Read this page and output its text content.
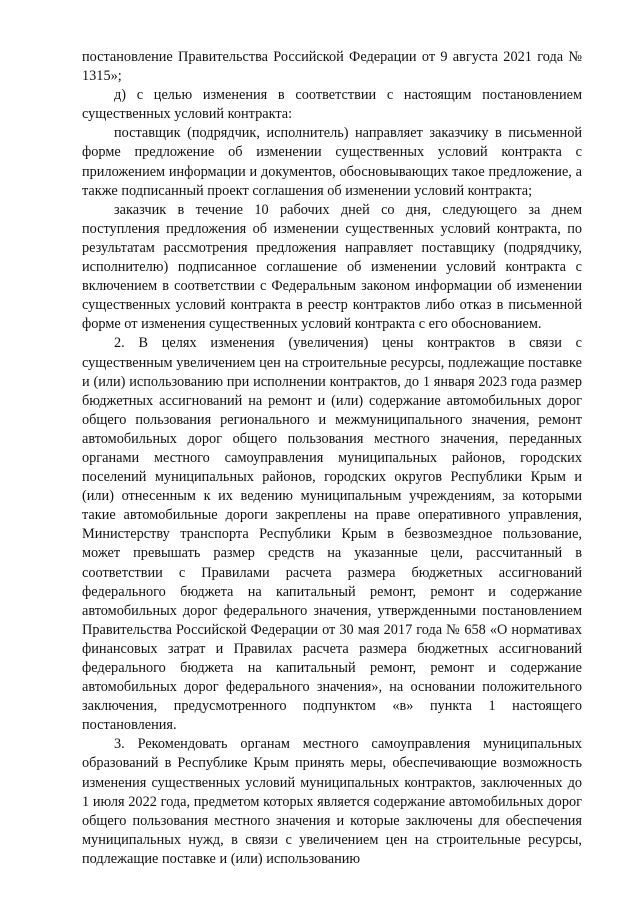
постановление Правительства Российской Федерации от 9 августа 2021 года № 1315»;

д) с целью изменения в соответствии с настоящим постановлением существенных условий контракта:

поставщик (подрядчик, исполнитель) направляет заказчику в письменной форме предложение об изменении существенных условий контракта с приложением информации и документов, обосновывающих такое предложение, а также подписанный проект соглашения об изменении условий контракта;

заказчик в течение 10 рабочих дней со дня, следующего за днем поступления предложения об изменении существенных условий контракта, по результатам рассмотрения предложения направляет поставщику (подрядчику, исполнителю) подписанное соглашение об изменении условий контракта с включением в соответствии с Федеральным законом информации об изменении существенных условий контракта в реестр контрактов либо отказ в письменной форме от изменения существенных условий контракта с его обоснованием.

2. В целях изменения (увеличения) цены контрактов в связи с существенным увеличением цен на строительные ресурсы, подлежащие поставке и (или) использованию при исполнении контрактов, до 1 января 2023 года размер бюджетных ассигнований на ремонт и (или) содержание автомобильных дорог общего пользования регионального и межмуниципального значения, ремонт автомобильных дорог общего пользования местного значения, переданных органами местного самоуправления муниципальных районов, городских поселений муниципальных районов, городских округов Республики Крым и (или) отнесенным к их ведению муниципальным учреждениям, за которыми такие автомобильные дороги закреплены на праве оперативного управления, Министерству транспорта Республики Крым в безвозмездное пользование, может превышать размер средств на указанные цели, рассчитанный в соответствии с Правилами расчета размера бюджетных ассигнований федерального бюджета на капитальный ремонт, ремонт и содержание автомобильных дорог федерального значения, утвержденными постановлением Правительства Российской Федерации от 30 мая 2017 года № 658 «О нормативах финансовых затрат и Правилах расчета размера бюджетных ассигнований федерального бюджета на капитальный ремонт, ремонт и содержание автомобильных дорог федерального значения», на основании положительного заключения, предусмотренного подпунктом «в» пункта 1 настоящего постановления.

3. Рекомендовать органам местного самоуправления муниципальных образований в Республике Крым принять меры, обеспечивающие возможность изменения существенных условий муниципальных контрактов, заключенных до 1 июля 2022 года, предметом которых является содержание автомобильных дорог общего пользования местного значения и которые заключены для обеспечения муниципальных нужд, в связи с увеличением цен на строительные ресурсы, подлежащие поставке и (или) использованию
